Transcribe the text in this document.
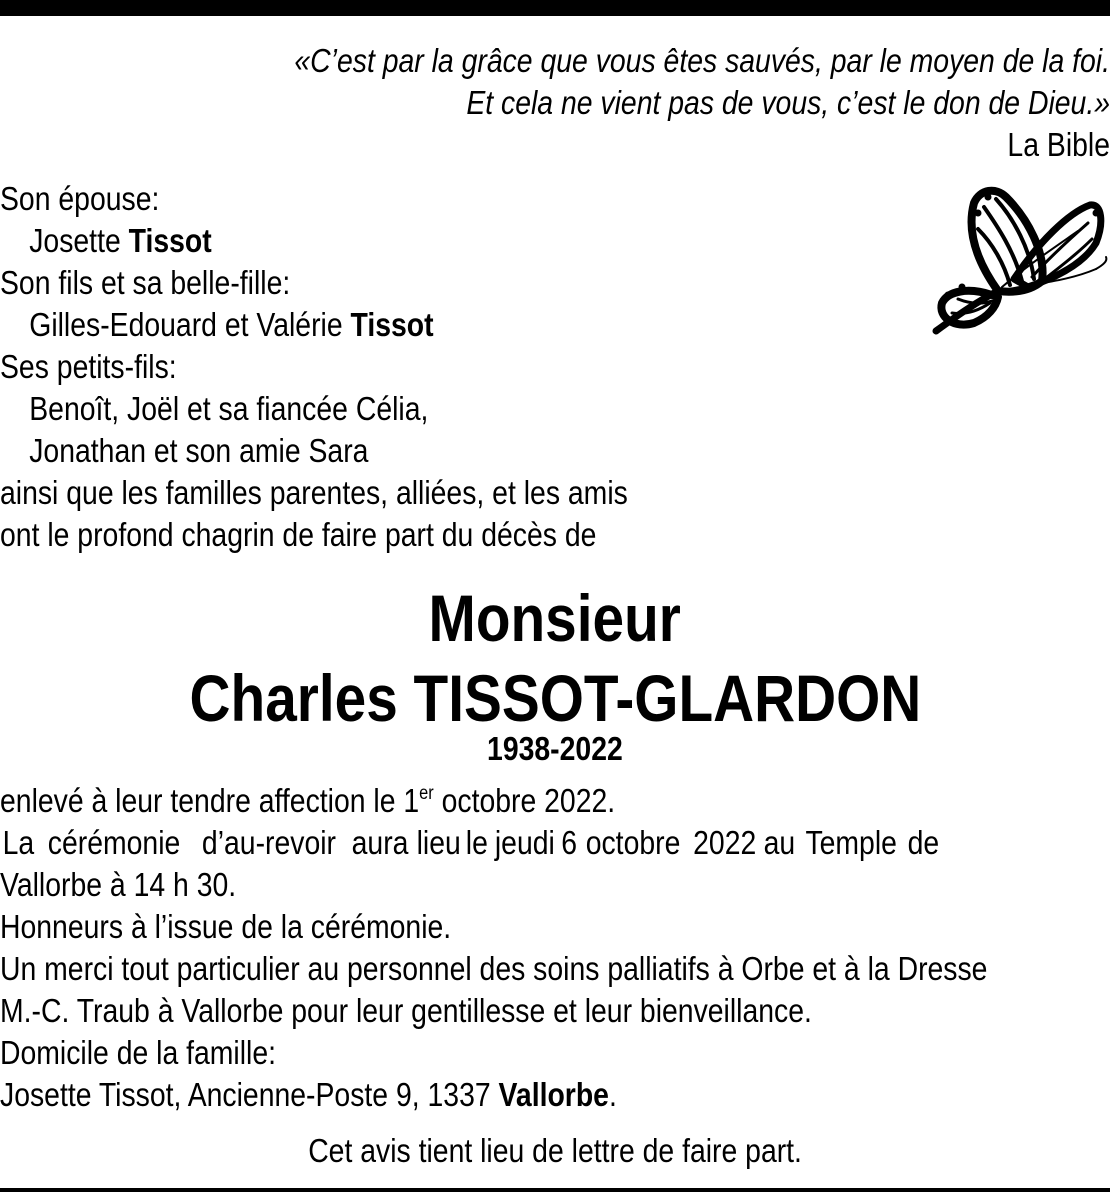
«C’est par la grâce que vous êtes sauvés, par le moyen de la foi.
Et cela ne vient pas de vous, c’est le don de Dieu.»
La Bible
Son épouse:
Josette Tissot
Son fils et sa belle-fille:
Gilles-Edouard et Valérie Tissot
Ses petits-fils:
Benoît, Joël et sa fiancée Célia,
Jonathan et son amie Sara
ainsi que les familles parentes, alliées, et les amis
ont le profond chagrin de faire part du décès de
Monsieur
Charles TISSOT-GLARDON
1938-2022
enlevé à leur tendre affection le 1er octobre 2022.
La cérémonie d’au-revoir aura lieu le jeudi 6 octobre 2022 au Temple de
Vallorbe à 14 h 30.
Honneurs à l’issue de la cérémonie.
Un merci tout particulier au personnel des soins palliatifs à Orbe et à la Dresse
M.-C. Traub à Vallorbe pour leur gentillesse et leur bienveillance.
Domicile de la famille:
Josette Tissot, Ancienne-Poste 9, 1337 Vallorbe.
Cet avis tient lieu de lettre de faire part.
